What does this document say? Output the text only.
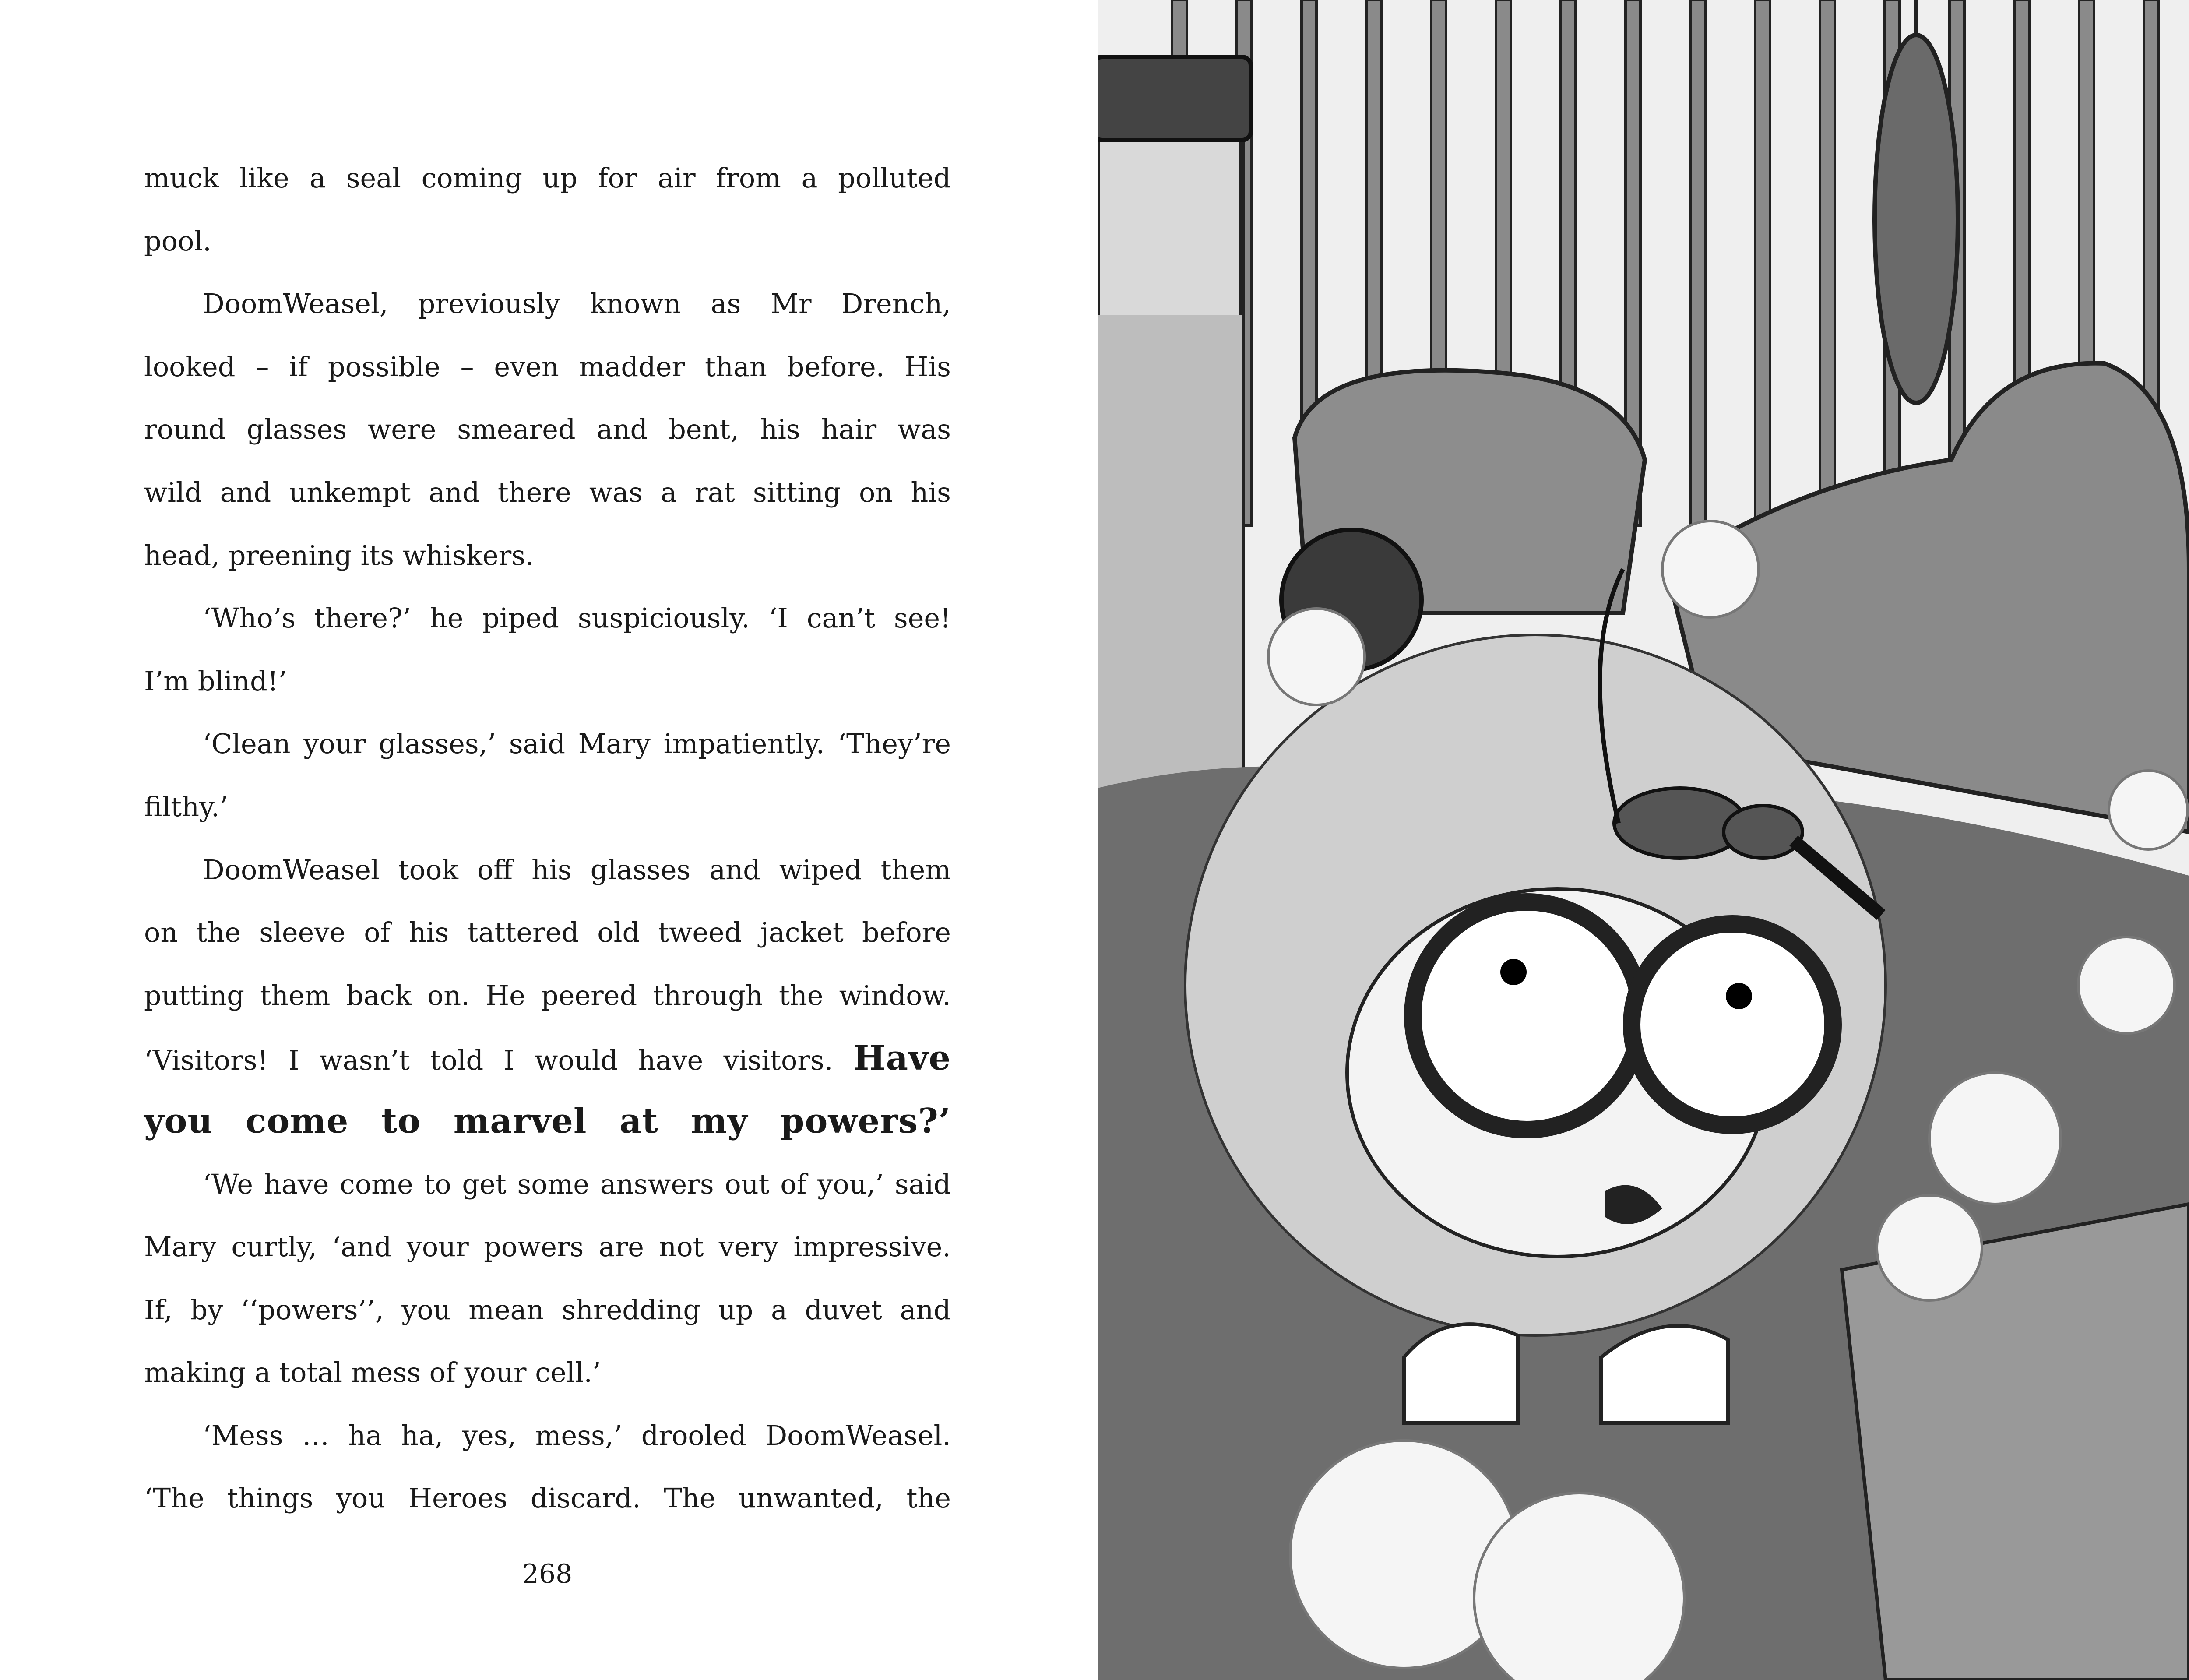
muck like a seal coming up for air from a polluted
pool.
DoomWeasel, previously known as Mr Drench,
looked – if possible – even madder than before. His
round glasses were smeared and bent, his hair was
wild and unkempt and there was a rat sitting on his
head, preening its whiskers.
‘Who’s there?’ he piped suspiciously. ‘I can’t see!
I’m blind!’
‘Clean your glasses,’ said Mary impatiently. ‘They’re
filthy.’
DoomWeasel took off his glasses and wiped them
on the sleeve of his tattered old tweed jacket before
putting them back on. He peered through the window.
‘Visitors! I wasn’t told I would have visitors. Have
you come to marvel at my powers?’
‘We have come to get some answers out of you,’ said
Mary curtly, ‘and your powers are not very impressive.
If, by ‘‘powers’’, you mean shredding up a duvet and
making a total mess of your cell.’
‘Mess … ha ha, yes, mess,’ drooled DoomWeasel.
‘The things you Heroes discard. The unwanted, the
268
